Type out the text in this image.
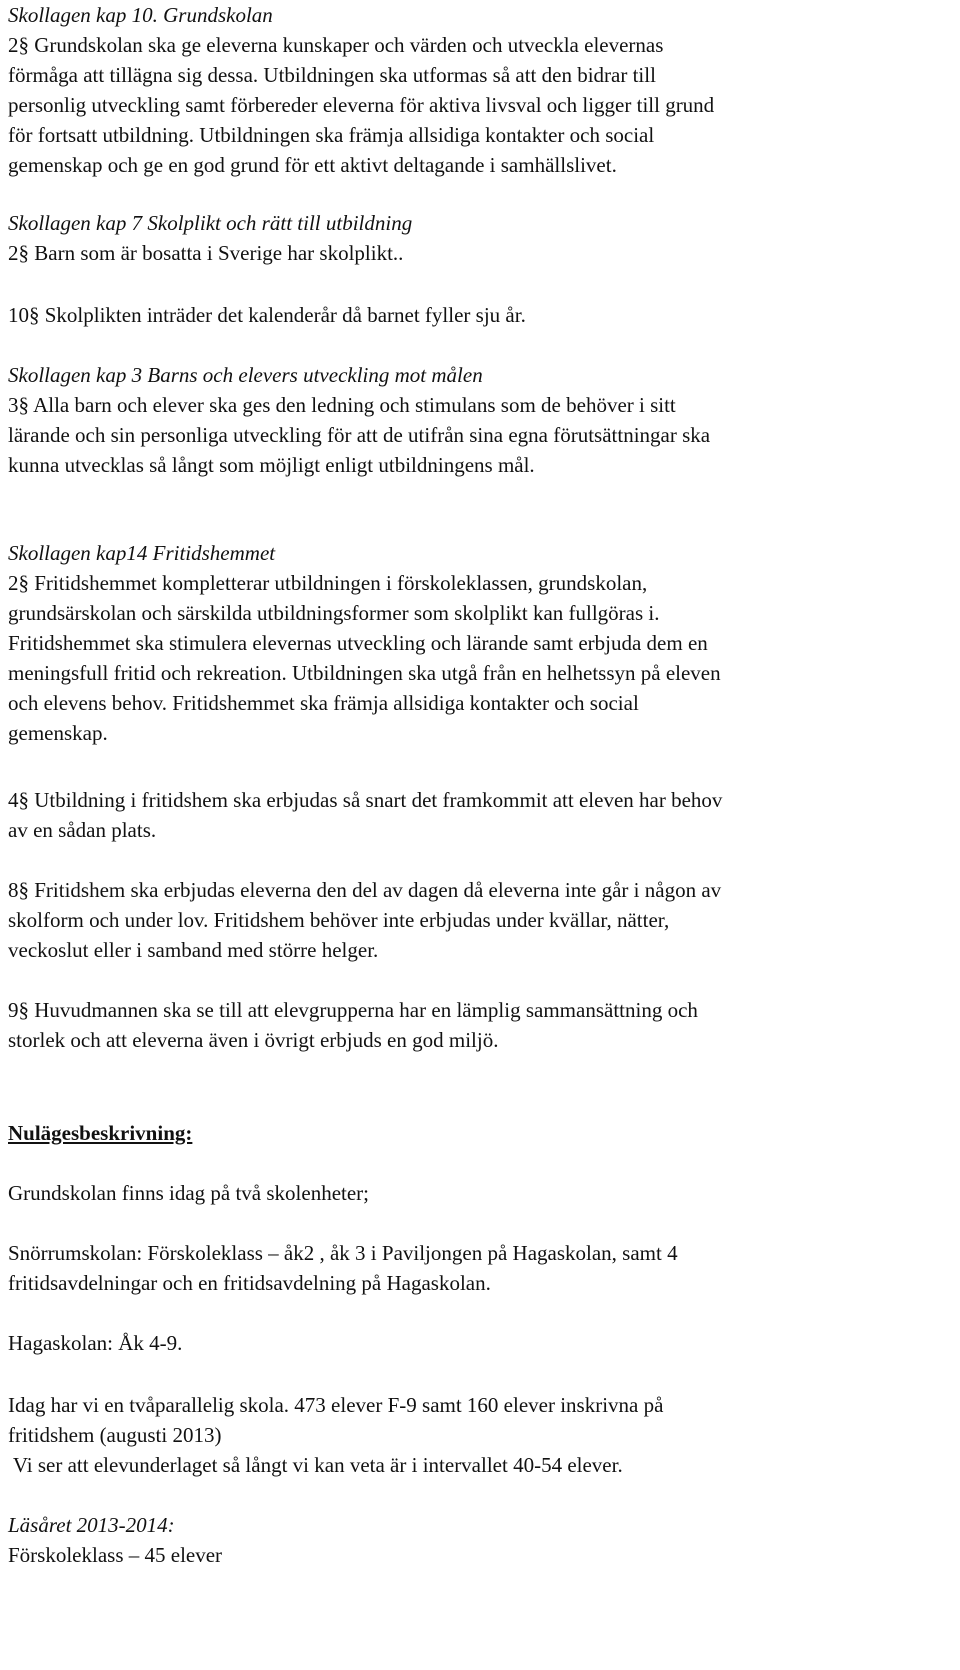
Skollagen kap 10. Grundskolan
2§ Grundskolan ska ge eleverna kunskaper och värden och utveckla elevernas
förmåga att tillägna sig dessa. Utbildningen ska utformas så att den bidrar till
personlig utveckling samt förbereder eleverna för aktiva livsval och ligger till grund
för fortsatt utbildning. Utbildningen ska främja allsidiga kontakter och social
gemenskap och ge en god grund för ett aktivt deltagande i samhällslivet.
Skollagen kap 7 Skolplikt och rätt till utbildning
2§ Barn som är bosatta i Sverige har skolplikt..
10§ Skolplikten inträder det kalenderår då barnet fyller sju år.
Skollagen kap 3 Barns och elevers utveckling mot målen
3§ Alla barn och elever ska ges den ledning och stimulans som de behöver i sitt
lärande och sin personliga utveckling för att de utifrån sina egna förutsättningar ska
kunna utvecklas så långt som möjligt enligt utbildningens mål.
Skollagen kap14 Fritidshemmet
2§ Fritidshemmet kompletterar utbildningen i förskoleklassen, grundskolan,
grundsärskolan och särskilda utbildningsformer som skolplikt kan fullgöras i.
Fritidshemmet ska stimulera elevernas utveckling och lärande samt erbjuda dem en
meningsfull fritid och rekreation. Utbildningen ska utgå från en helhetssyn på eleven
och elevens behov. Fritidshemmet ska främja allsidiga kontakter och social
gemenskap.
4§ Utbildning i fritidshem ska erbjudas så snart det framkommit att eleven har behov
av en sådan plats.
8§ Fritidshem ska erbjudas eleverna den del av dagen då eleverna inte går i någon av
skolform och under lov. Fritidshem behöver inte erbjudas under kvällar, nätter,
veckoslut eller i samband med större helger.
9§ Huvudmannen ska se till att elevgrupperna har en lämplig sammansättning och
storlek och att eleverna även i övrigt erbjuds en god miljö.
Nulägesbeskrivning:
Grundskolan finns idag på två skolenheter;
Snörrumskolan: Förskoleklass – åk2 , åk 3 i Paviljongen på Hagaskolan, samt 4
fritidsavdelningar och en fritidsavdelning på Hagaskolan.
Hagaskolan: Åk 4-9.
Idag har vi en tvåparallelig skola. 473 elever F-9 samt 160 elever inskrivna på
fritidshem (augusti 2013)
Vi ser att elevunderlaget så långt vi kan veta är i intervallet 40-54 elever.
Läsåret 2013-2014:
Förskoleklass – 45 elever
